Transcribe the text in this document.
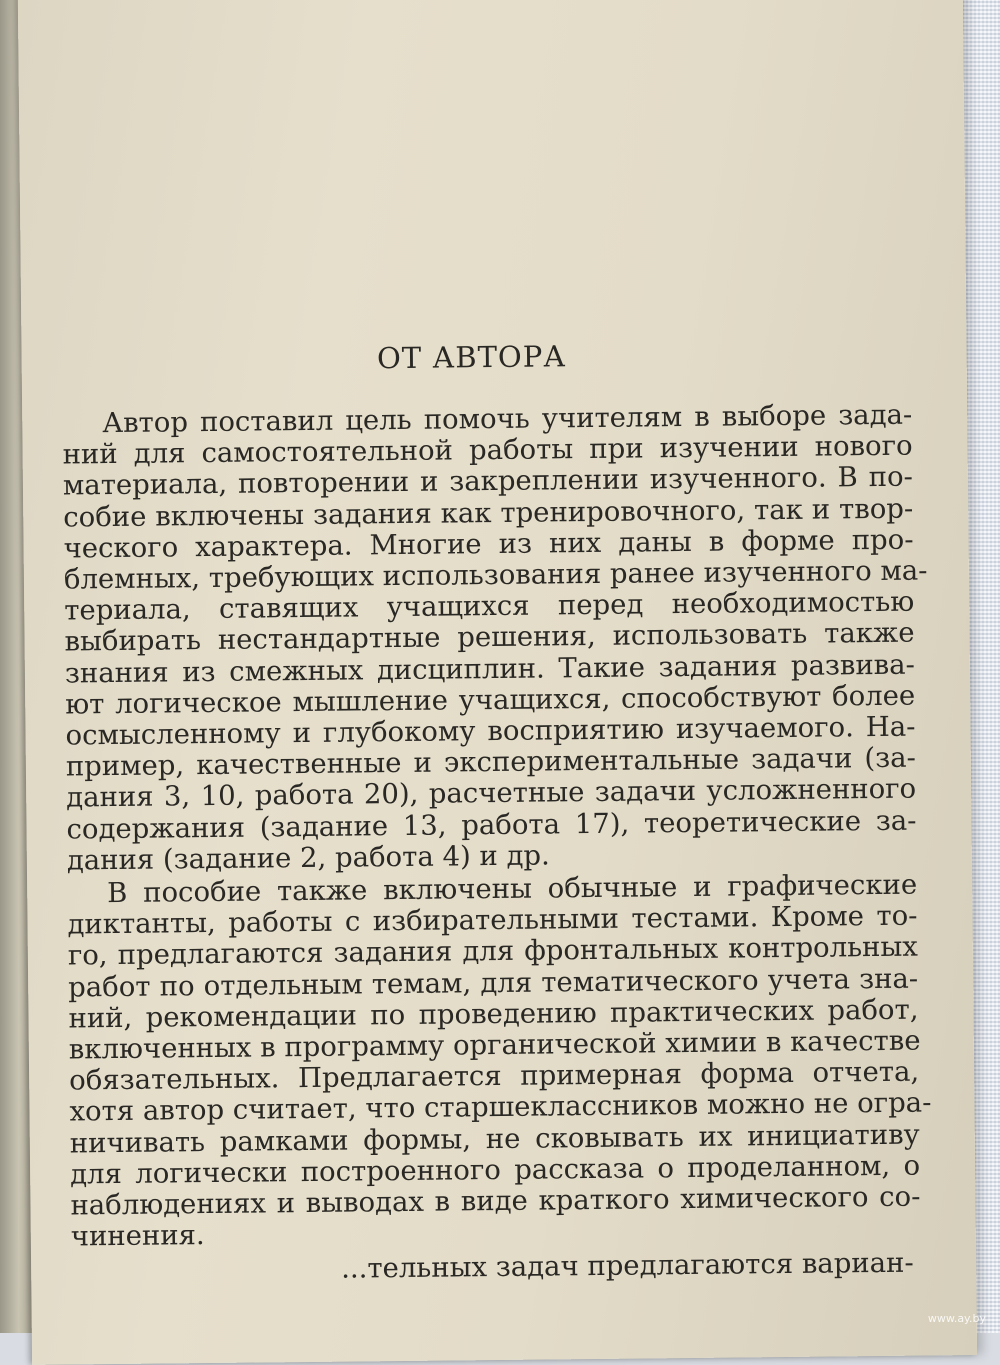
ОТ АВТОРА
Автор поставил цель помочь учителям в выборе зада-
ний для самостоятельной работы при изучении нового
материала, повторении и закреплении изученного. В по-
собие включены задания как тренировочного, так и твор-
ческого характера. Многие из них даны в форме про-
блемных, требующих использования ранее изученного ма-
териала, ставящих учащихся перед необходимостью
выбирать нестандартные решения, использовать также
знания из смежных дисциплин. Такие задания развива-
ют логическое мышление учащихся, способствуют более
осмысленному и глубокому восприятию изучаемого. На-
пример, качественные и экспериментальные задачи (за-
дания 3, 10, работа 20), расчетные задачи усложненного
содержания (задание 13, работа 17), теоретические за-
дания (задание 2, работа 4) и др.
В пособие также включены обычные и графические
диктанты, работы с избирательными тестами. Кроме то-
го, предлагаются задания для фронтальных контрольных
работ по отдельным темам, для тематического учета зна-
ний, рекомендации по проведению практических работ,
включенных в программу органической химии в качестве
обязательных. Предлагается примерная форма отчета,
хотя автор считает, что старшеклассников можно не огра-
ничивать рамками формы, не сковывать их инициативу
для логически построенного рассказа о проделанном, о
наблюдениях и выводах в виде краткого химического со-
чинения.
...тельных задач предлагаются вариан-
www.ay.by
